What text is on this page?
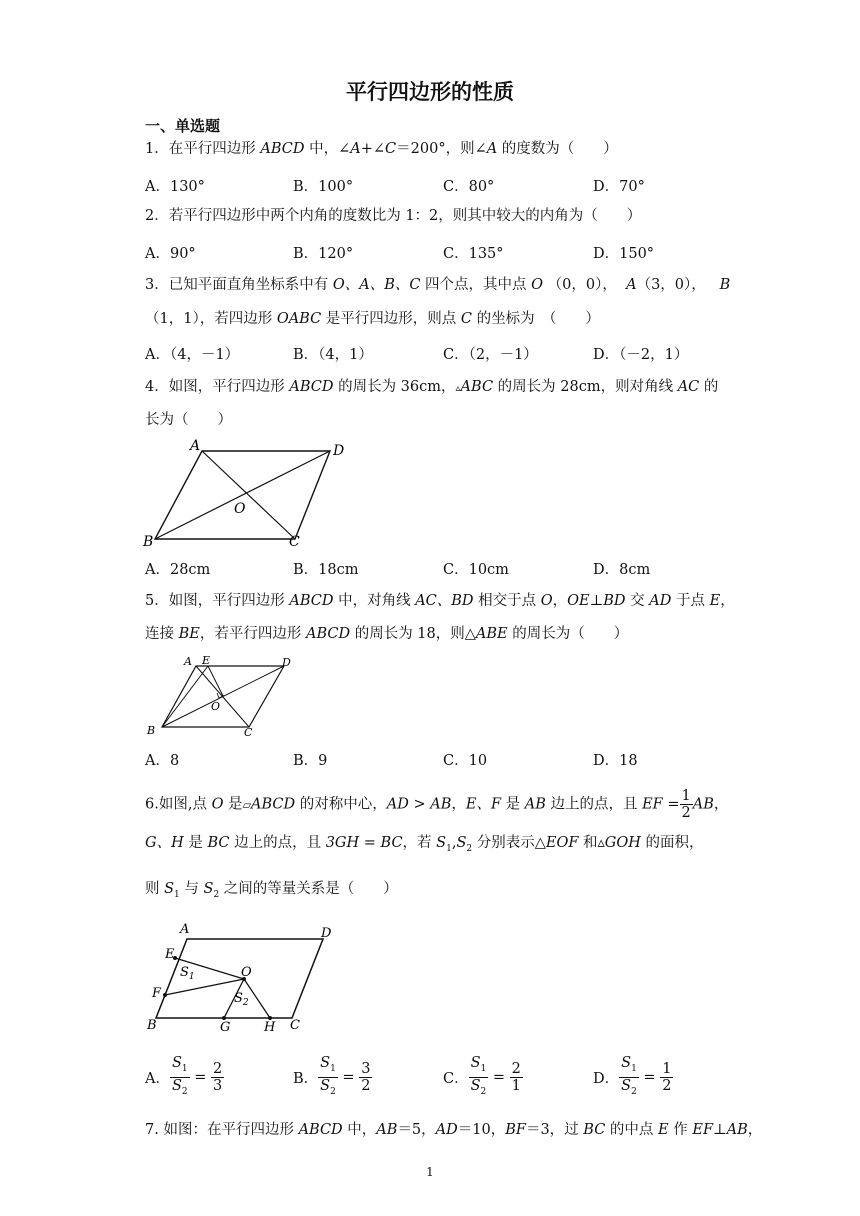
平行四边形的性质
一、单选题
1．在平行四边形 ABCD 中，∠A+∠C＝200°，则∠A 的度数为（　　）
A．130°	B．100°	C．80°	D．70°
2．若平行四边形中两个内角的度数比为 1：2，则其中较大的内角为（　　）
A．90°	B．120°	C．135°	D．150°
3．已知平面直角坐标系中有 O、A、B、C 四个点，其中点 O （0，0）， A（3，0）， B
（1，1），若四边形 OABC 是平行四边形，则点 C 的坐标为　（　　）
A．（4，－1）	B．（4，1）	C．（2，－1）	D．（－2，1）
4．如图，平行四边形 ABCD 的周长为 36cm，▵ABC 的周长为 28cm，则对角线 AC 的
长为（　　）
A	D
O
B	C
A．28cm	B．18cm	C．10cm	D．8cm
5．如图，平行四边形 ABCD 中，对角线 AC、BD 相交于点 O，OE⊥BD 交 AD 于点 E，
连接 BE，若平行四边形 ABCD 的周长为 18，则△ABE 的周长为（　　）
A E	D
O
B	C
A．8	B．9	C．10	D．18
6.如图,点 O 是▱ABCD 的对称中心，AD > AB，E、F 是 AB 边上的点，且 EF = $\frac{1}{2}$ AB，
G、H 是 BC 边上的点，且 3GH = BC，若 $S_1,S_2$ 分别表示△EOF 和▵GOH 的面积，
则 $S_1$ 与 $S_2$ 之间的等量关系是（　　）
A	D
E
F
B	G	H C
O
$S_1$
$S_2$
A． $\frac{S_1}{S_2} = \frac{2}{3}$	B． $\frac{S_1}{S_2} = \frac{3}{2}$	C． $\frac{S_1}{S_2} = \frac{2}{1}$	D． $\frac{S_1}{S_2} = \frac{1}{2}$
7. 如图：在平行四边形 ABCD 中，AB＝5，AD＝10，BF＝3，过 BC 的中点 E 作 EF⊥AB，
1
